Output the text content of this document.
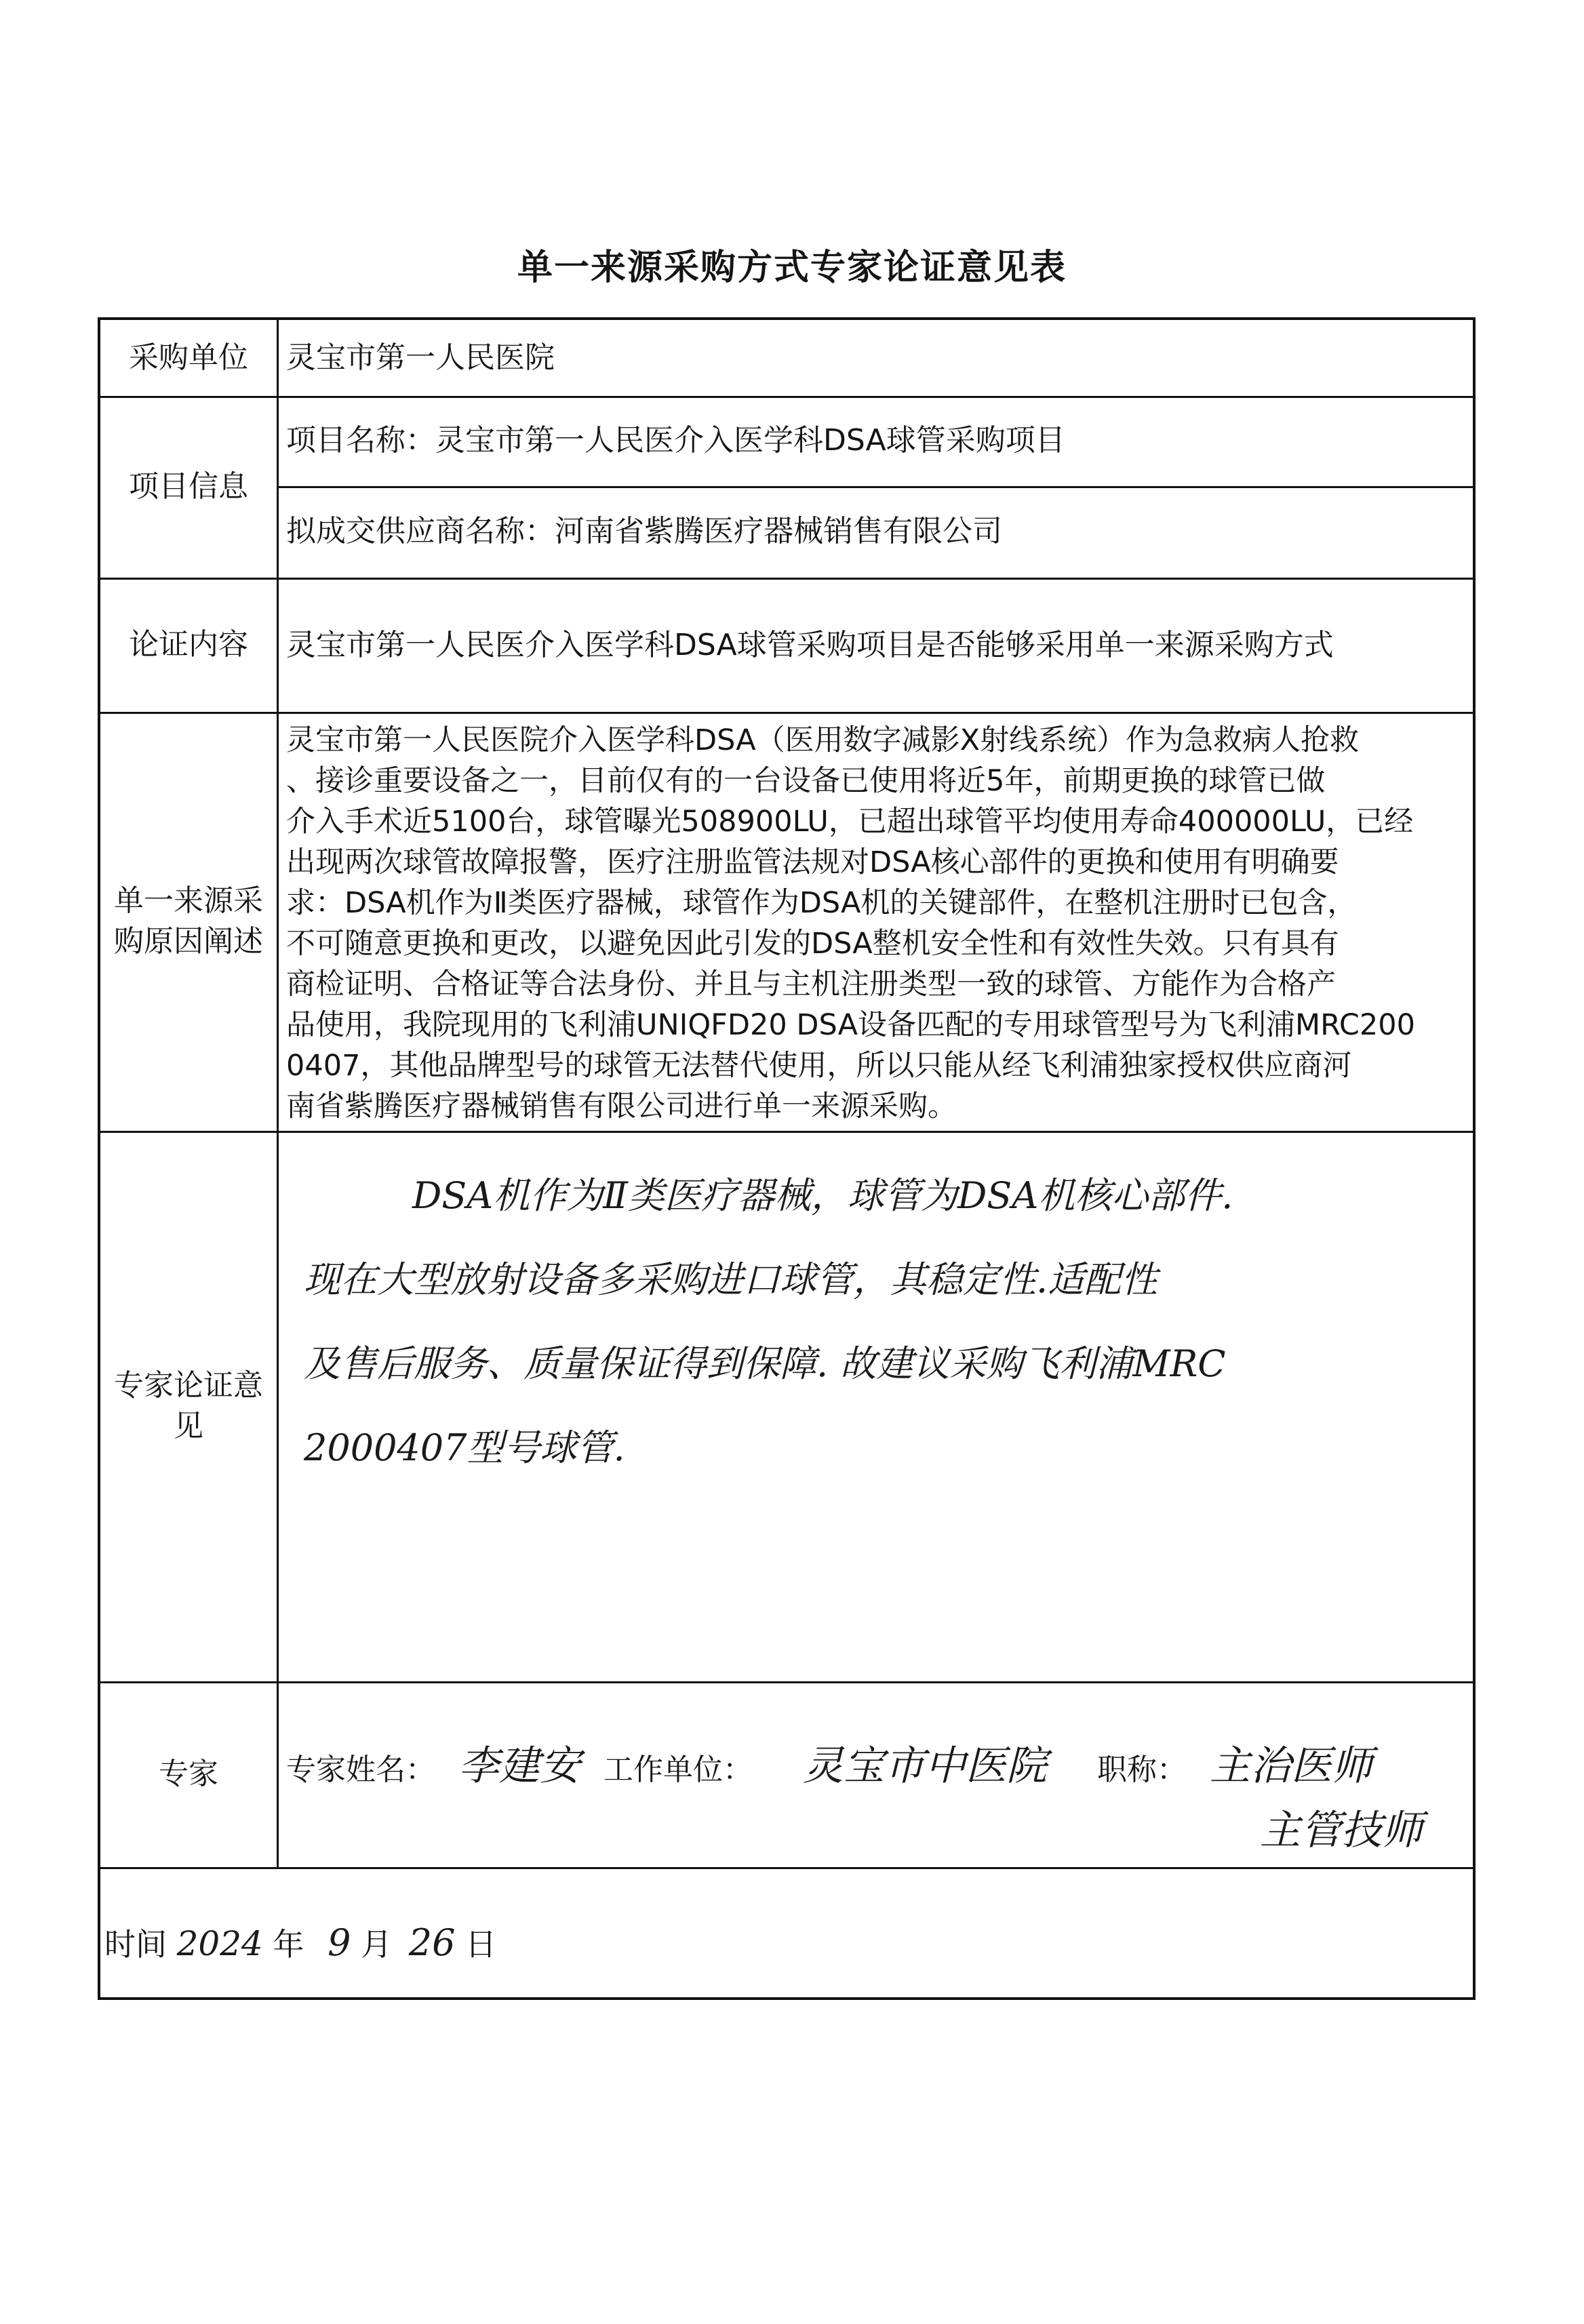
单一来源采购方式专家论证意见表
采购单位 灵宝市第一人民医院
项目信息
项目名称：灵宝市第一人民医介入医学科DSA球管采购项目
拟成交供应商名称：河南省紫腾医疗器械销售有限公司
论证内容 灵宝市第一人民医介入医学科DSA球管采购项目是否能够采用单一来源采购方式
单一来源采
购原因阐述
灵宝市第一人民医院介入医学科DSA（医用数字减影X射线系统）作为急救病人抢救
、接诊重要设备之一，目前仅有的一台设备已使用将近5年，前期更换的球管已做
介入手术近5100台，球管曝光508900LU，已超出球管平均使用寿命400000LU，已经
出现两次球管故障报警，医疗注册监管法规对DSA核心部件的更换和使用有明确要
求：DSA机作为Ⅱ类医疗器械，球管作为DSA机的关键部件，在整机注册时已包含，
不可随意更换和更改，以避免因此引发的DSA整机安全性和有效性失效。只有具有
商检证明、合格证等合法身份、并且与主机注册类型一致的球管、方能作为合格产
品使用，我院现用的飞利浦UNIQFD20 DSA设备匹配的专用球管型号为飞利浦MRC200
0407，其他品牌型号的球管无法替代使用，所以只能从经飞利浦独家授权供应商河
南省紫腾医疗器械销售有限公司进行单一来源采购。
专家论证意
见
DSA机作为Ⅱ类医疗器械，球管为DSA机核心部件.
现在大型放射设备多采购进口球管，其稳定性.适配性
及售后服务、质量保证得到保障. 故建议采购飞利浦MRC
2000407型号球管.
专家 专家姓名： 李建安 工作单位： 灵宝市中医院 职称： 主治医师
主管技师
时间 2024 年 9 月 26 日
